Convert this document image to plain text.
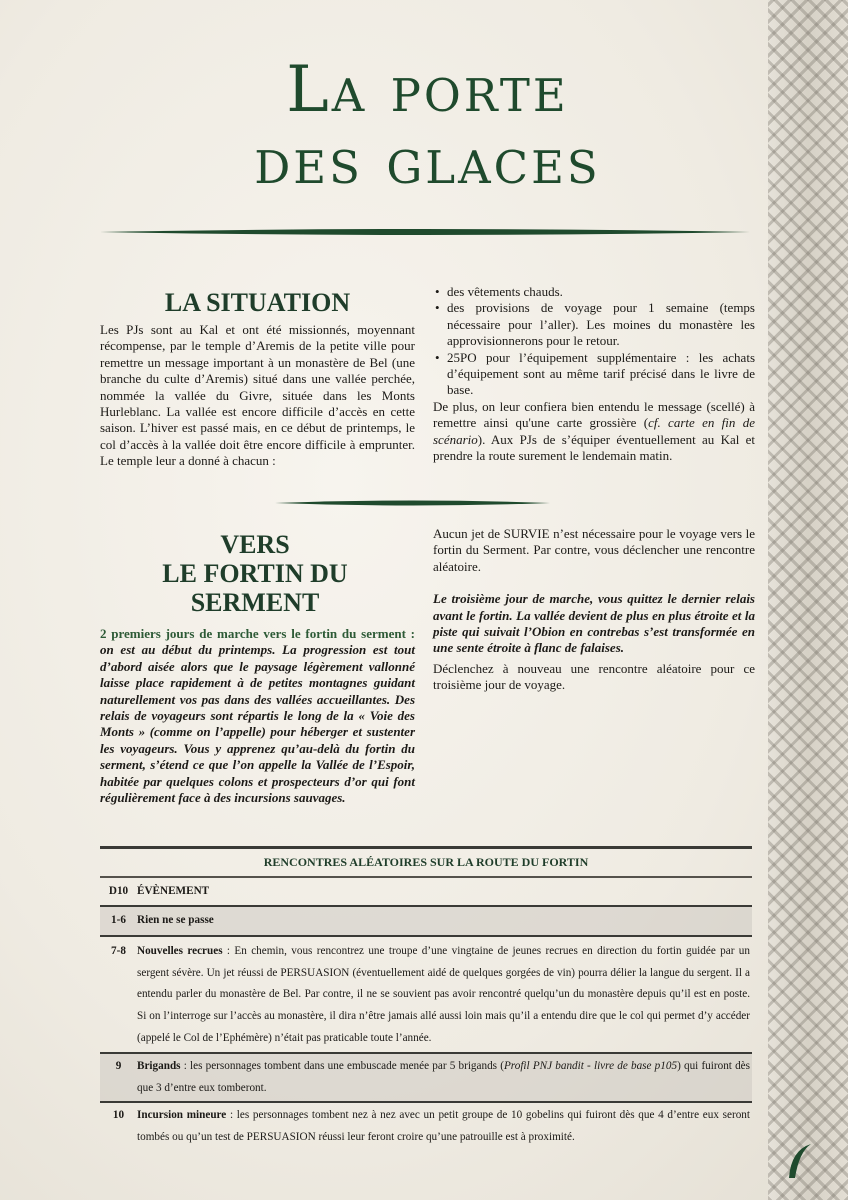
La porte
des glaces
LA SITUATION

Les PJs sont au Kal et ont été missionnés, moyennant récompense, par le temple d’Aremis de la petite ville pour remettre un message important à un monastère de Bel (une branche du culte d’Aremis) situé dans une vallée perchée, nommée la vallée du Givre, située dans les Monts Hurleblanc. La vallée est encore difficile d’accès en cette saison. L’hiver est passé mais, en ce début de printemps, le col d’accès à la vallée doit être encore difficile à emprunter. Le temple leur a donné à chacun :

• des vêtements chauds.
• des provisions de voyage pour 1 semaine (temps nécessaire pour l’aller). Les moines du monastère les approvisionnerons pour le retour.
• 25PO pour l’équipement supplémentaire : les achats d’équipement sont au même tarif précisé dans le livre de base.

De plus, on leur confiera bien entendu le message (scellé) à remettre ainsi qu'une carte grossière (cf. carte en fin de scénario). Aux PJs de s’équiper éventuellement au Kal et prendre la route surement le lendemain matin.

VERS
LE FORTIN DU
SERMENT

2 premiers jours de marche vers le fortin du serment : on est au début du printemps. La progression est tout d’abord aisée alors que le paysage légèrement vallonné laisse place rapidement à de petites montagnes guidant naturellement vos pas dans des vallées accueillantes. Des relais de voyageurs sont répartis le long de la « Voie des Monts » (comme on l’appelle) pour héberger et sustenter les voyageurs. Vous y apprenez qu’au-delà du fortin du serment, s’étend ce que l’on appelle la Vallée de l’Espoir, habitée par quelques colons et prospecteurs d’or qui font régulièrement face à des incursions sauvages.

Aucun jet de SURVIE n’est nécessaire pour le voyage vers le fortin du Serment. Par contre, vous déclencher une rencontre aléatoire.

Le troisième jour de marche, vous quittez le dernier relais avant le fortin. La vallée devient de plus en plus étroite et la piste qui suivait l’Obion en contrebas s’est transformée en une sente étroite à flanc de falaises.

Déclenchez à nouveau une rencontre aléatoire pour ce troisième jour de voyage.

RENCONTRES ALÉATOIRES SUR LA ROUTE DU FORTIN
D10 ÉVÈNEMENT
1-6 Rien ne se passe
7-8 Nouvelles recrues : En chemin, vous rencontrez une troupe d’une vingtaine de jeunes recrues en direction du fortin guidée par un sergent sévère. Un jet réussi de PERSUASION (éventuellement aidé de quelques gorgées de vin) pourra délier la langue du sergent. Il a entendu parler du monastère de Bel. Par contre, il ne se souvient pas avoir rencontré quelqu’un du monastère depuis qu’il est en poste. Si on l’interroge sur l’accès au monastère, il dira n’être jamais allé aussi loin mais qu’il a entendu dire que le col qui permet d’y accéder (appelé le Col de l’Ephémère) n’était pas praticable toute l’année.
9	Brigands : les personnages tombent dans une embuscade menée par 5 brigands (Profil PNJ bandit - livre de base p105) qui fuiront dès que 3 d’entre eux tomberont.
10	Incursion mineure : les personnages tombent nez à nez avec un petit groupe de 10 gobelins qui fuiront dès que 4 d’entre eux seront tombés ou qu’un test de PERSUASION réussi leur feront croire qu’une patrouille est à proximité.
